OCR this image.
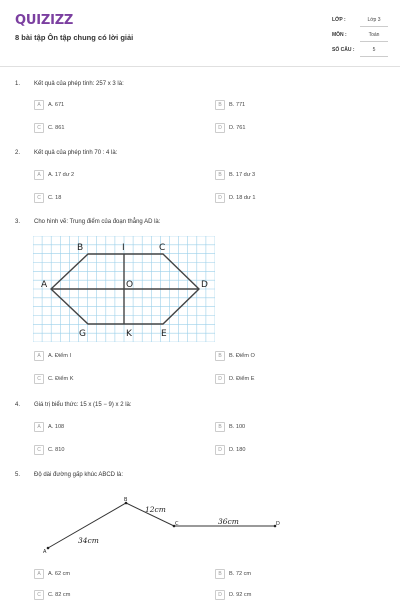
QUIZIZZ
8 bài tập Ôn tập chung có lời giải
LỚP :	Lớp 3
MÔN :	Toán
SỐ CÂU :	5
1. Kết quả của phép tính: 257 x 3 là:
A	A. 671	B	B. 771
C	C. 861	D	D. 761
2. Kết quả của phép tính 70 : 4 là:
A	A. 17 dư 2	B	B. 17 dư 3
C	C. 18	D	D. 18 dư 1
3. Cho hình vẽ: Trung điểm của đoạn thẳng AD là:
A
B	I	C
D
O
G	K	E
A	A. Điểm I	B	B. Điểm O
C	C. Điểm K	D	D. Điểm E
4. Giá trị biểu thức: 15 x (15 − 9) x 2 là:
A	A. 108	B	B. 100
C	C. 810	D	D. 180
5. Độ dài đường gấp khúc ABCD là:
A
B
C	D
34cm
12cm
36cm
A	A. 62 cm	B	B. 72 cm
C	C. 82 cm	D	D. 92 cm
